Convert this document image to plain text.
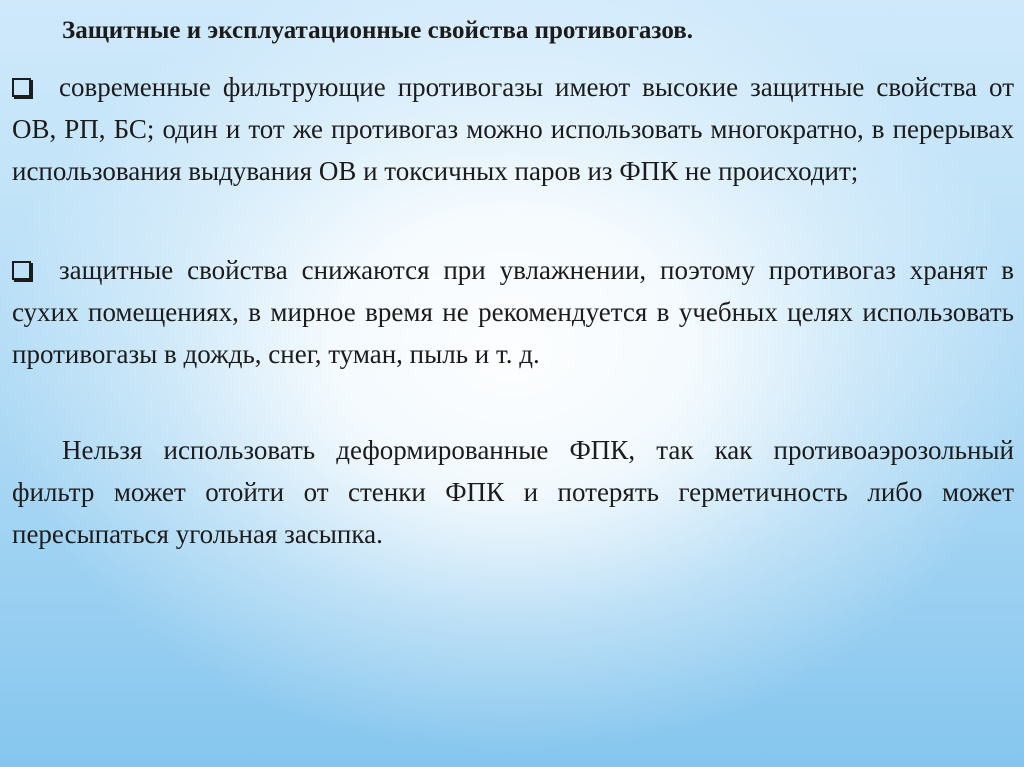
Защитные и эксплуатационные свойства противогазов.

современные фильтрующие противогазы имеют высокие защитные свойства от ОВ, РП, БС; один и тот же противогаз можно использовать многократно, в перерывах использования выдувания ОВ и токсичных паров из ФПК не происходит;

защитные свойства снижаются при увлажнении, поэтому противогаз хранят в сухих помещениях, в мирное время не рекомендуется в учебных целях использовать противогазы в дождь, снег, туман, пыль и т. д.

Нельзя использовать деформированные ФПК, так как противоаэрозольный фильтр может отойти от стенки ФПК и потерять герметичность либо может пересыпаться угольная засыпка.
